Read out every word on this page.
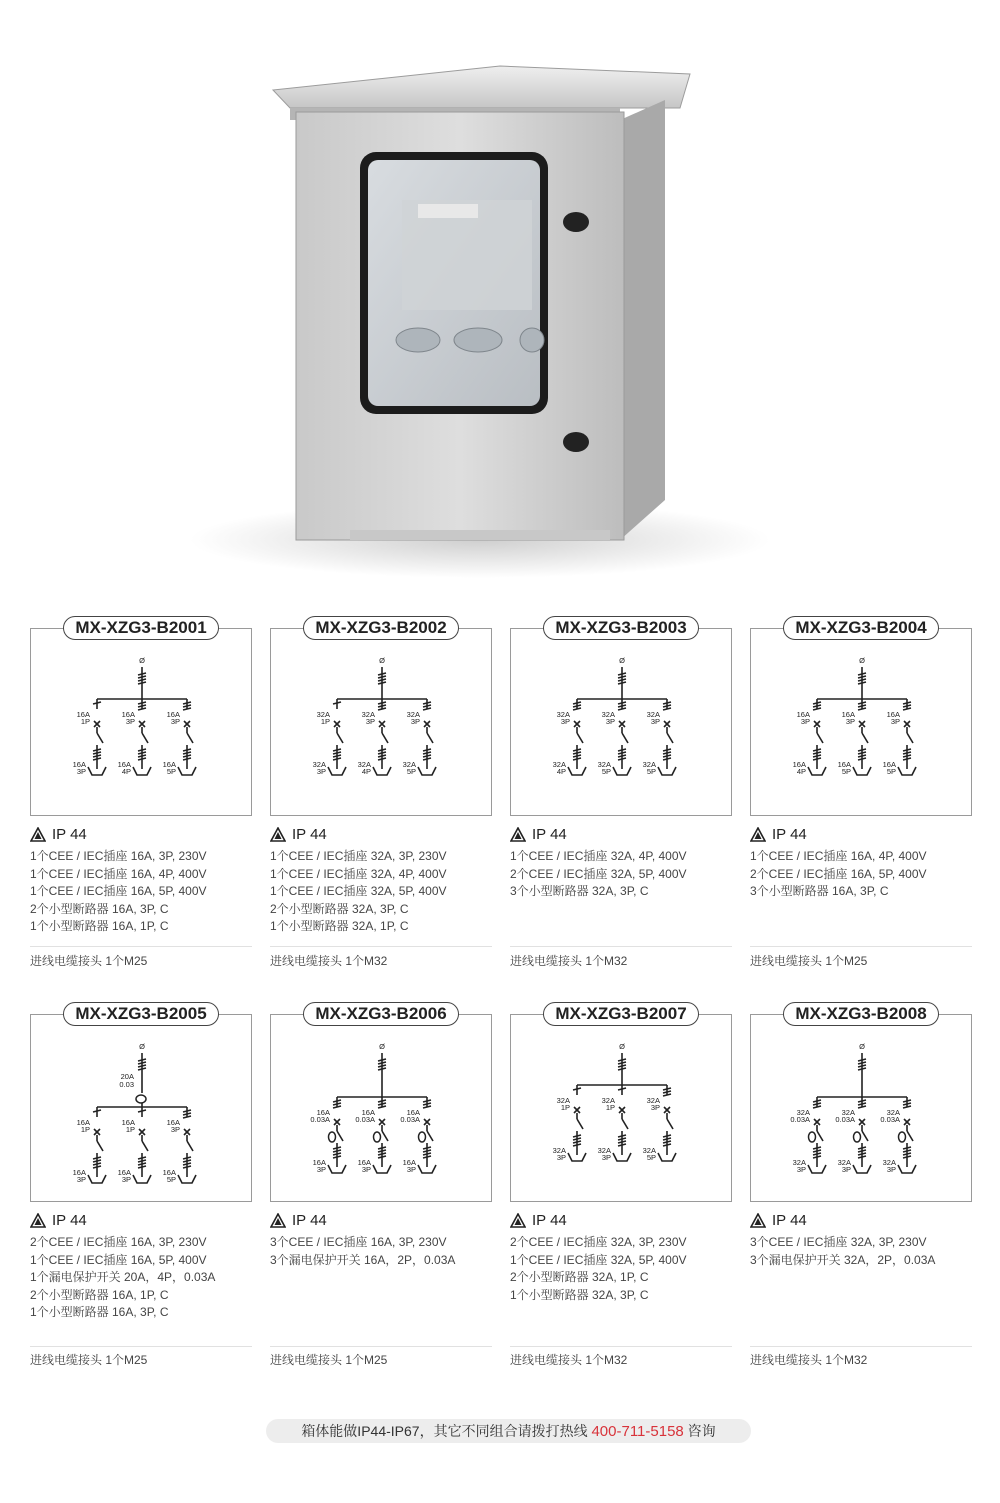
Ø
16A
1P
16A
3P
16A
3P
16A
4P
16A
3P
16A
5P
MX-XZG3-B2001
IP 44
1个CEE / IEC插座 16A, 3P, 230V
1个CEE / IEC插座 16A, 4P, 400V
1个CEE / IEC插座 16A, 5P, 400V
2个小型断路器 16A, 3P, C
1个小型断路器 16A, 1P, C
进线电缆接头 1个M25
Ø
32A
1P
32A
3P
32A
3P
32A
4P
32A
3P
32A
5P
MX-XZG3-B2002
IP 44
1个CEE / IEC插座 32A, 3P, 230V
1个CEE / IEC插座 32A, 4P, 400V
1个CEE / IEC插座 32A, 5P, 400V
2个小型断路器 32A, 3P, C
1个小型断路器 32A, 1P, C
进线电缆接头 1个M32
Ø
32A
3P
32A
4P
32A
3P
32A
5P
32A
3P
32A
5P
MX-XZG3-B2003
IP 44
1个CEE / IEC插座 32A, 4P, 400V
2个CEE / IEC插座 32A, 5P, 400V
3个小型断路器 32A, 3P, C
进线电缆接头 1个M32
Ø
16A
3P
16A
4P
16A
3P
16A
5P
16A
3P
16A
5P
MX-XZG3-B2004
IP 44
1个CEE / IEC插座 16A, 4P, 400V
2个CEE / IEC插座 16A, 5P, 400V
3个小型断路器 16A, 3P, C
进线电缆接头 1个M25
Ø
20A
0.03
16A
1P
16A
3P
16A
1P
16A
3P
16A
3P
16A
5P
MX-XZG3-B2005
IP 44
2个CEE / IEC插座 16A, 3P, 230V
1个CEE / IEC插座 16A, 5P, 400V
1个漏电保护开关 20A，4P，0.03A
2个小型断路器 16A, 1P, C
1个小型断路器 16A, 3P, C
进线电缆接头 1个M25
Ø
16A
0.03A
16A
3P
16A
0.03A
16A
3P
16A
0.03A
16A
3P
MX-XZG3-B2006
IP 44
3个CEE / IEC插座 16A, 3P, 230V
3个漏电保护开关 16A，2P，0.03A
进线电缆接头 1个M25
Ø
32A
1P
32A
3P
32A
1P
32A
3P
32A
3P
32A
5P
MX-XZG3-B2007
IP 44
2个CEE / IEC插座 32A, 3P, 230V
1个CEE / IEC插座 32A, 5P, 400V
2个小型断路器 32A, 1P, C
1个小型断路器 32A, 3P, C
进线电缆接头 1个M32
Ø
32A
0.03A
32A
3P
32A
0.03A
32A
3P
32A
0.03A
32A
3P
MX-XZG3-B2008
IP 44
3个CEE / IEC插座 32A, 3P, 230V
3个漏电保护开关 32A，2P，0.03A
进线电缆接头 1个M32
箱体能做IP44-IP67，其它不同组合请拨打热线 400-711-5158 咨询
